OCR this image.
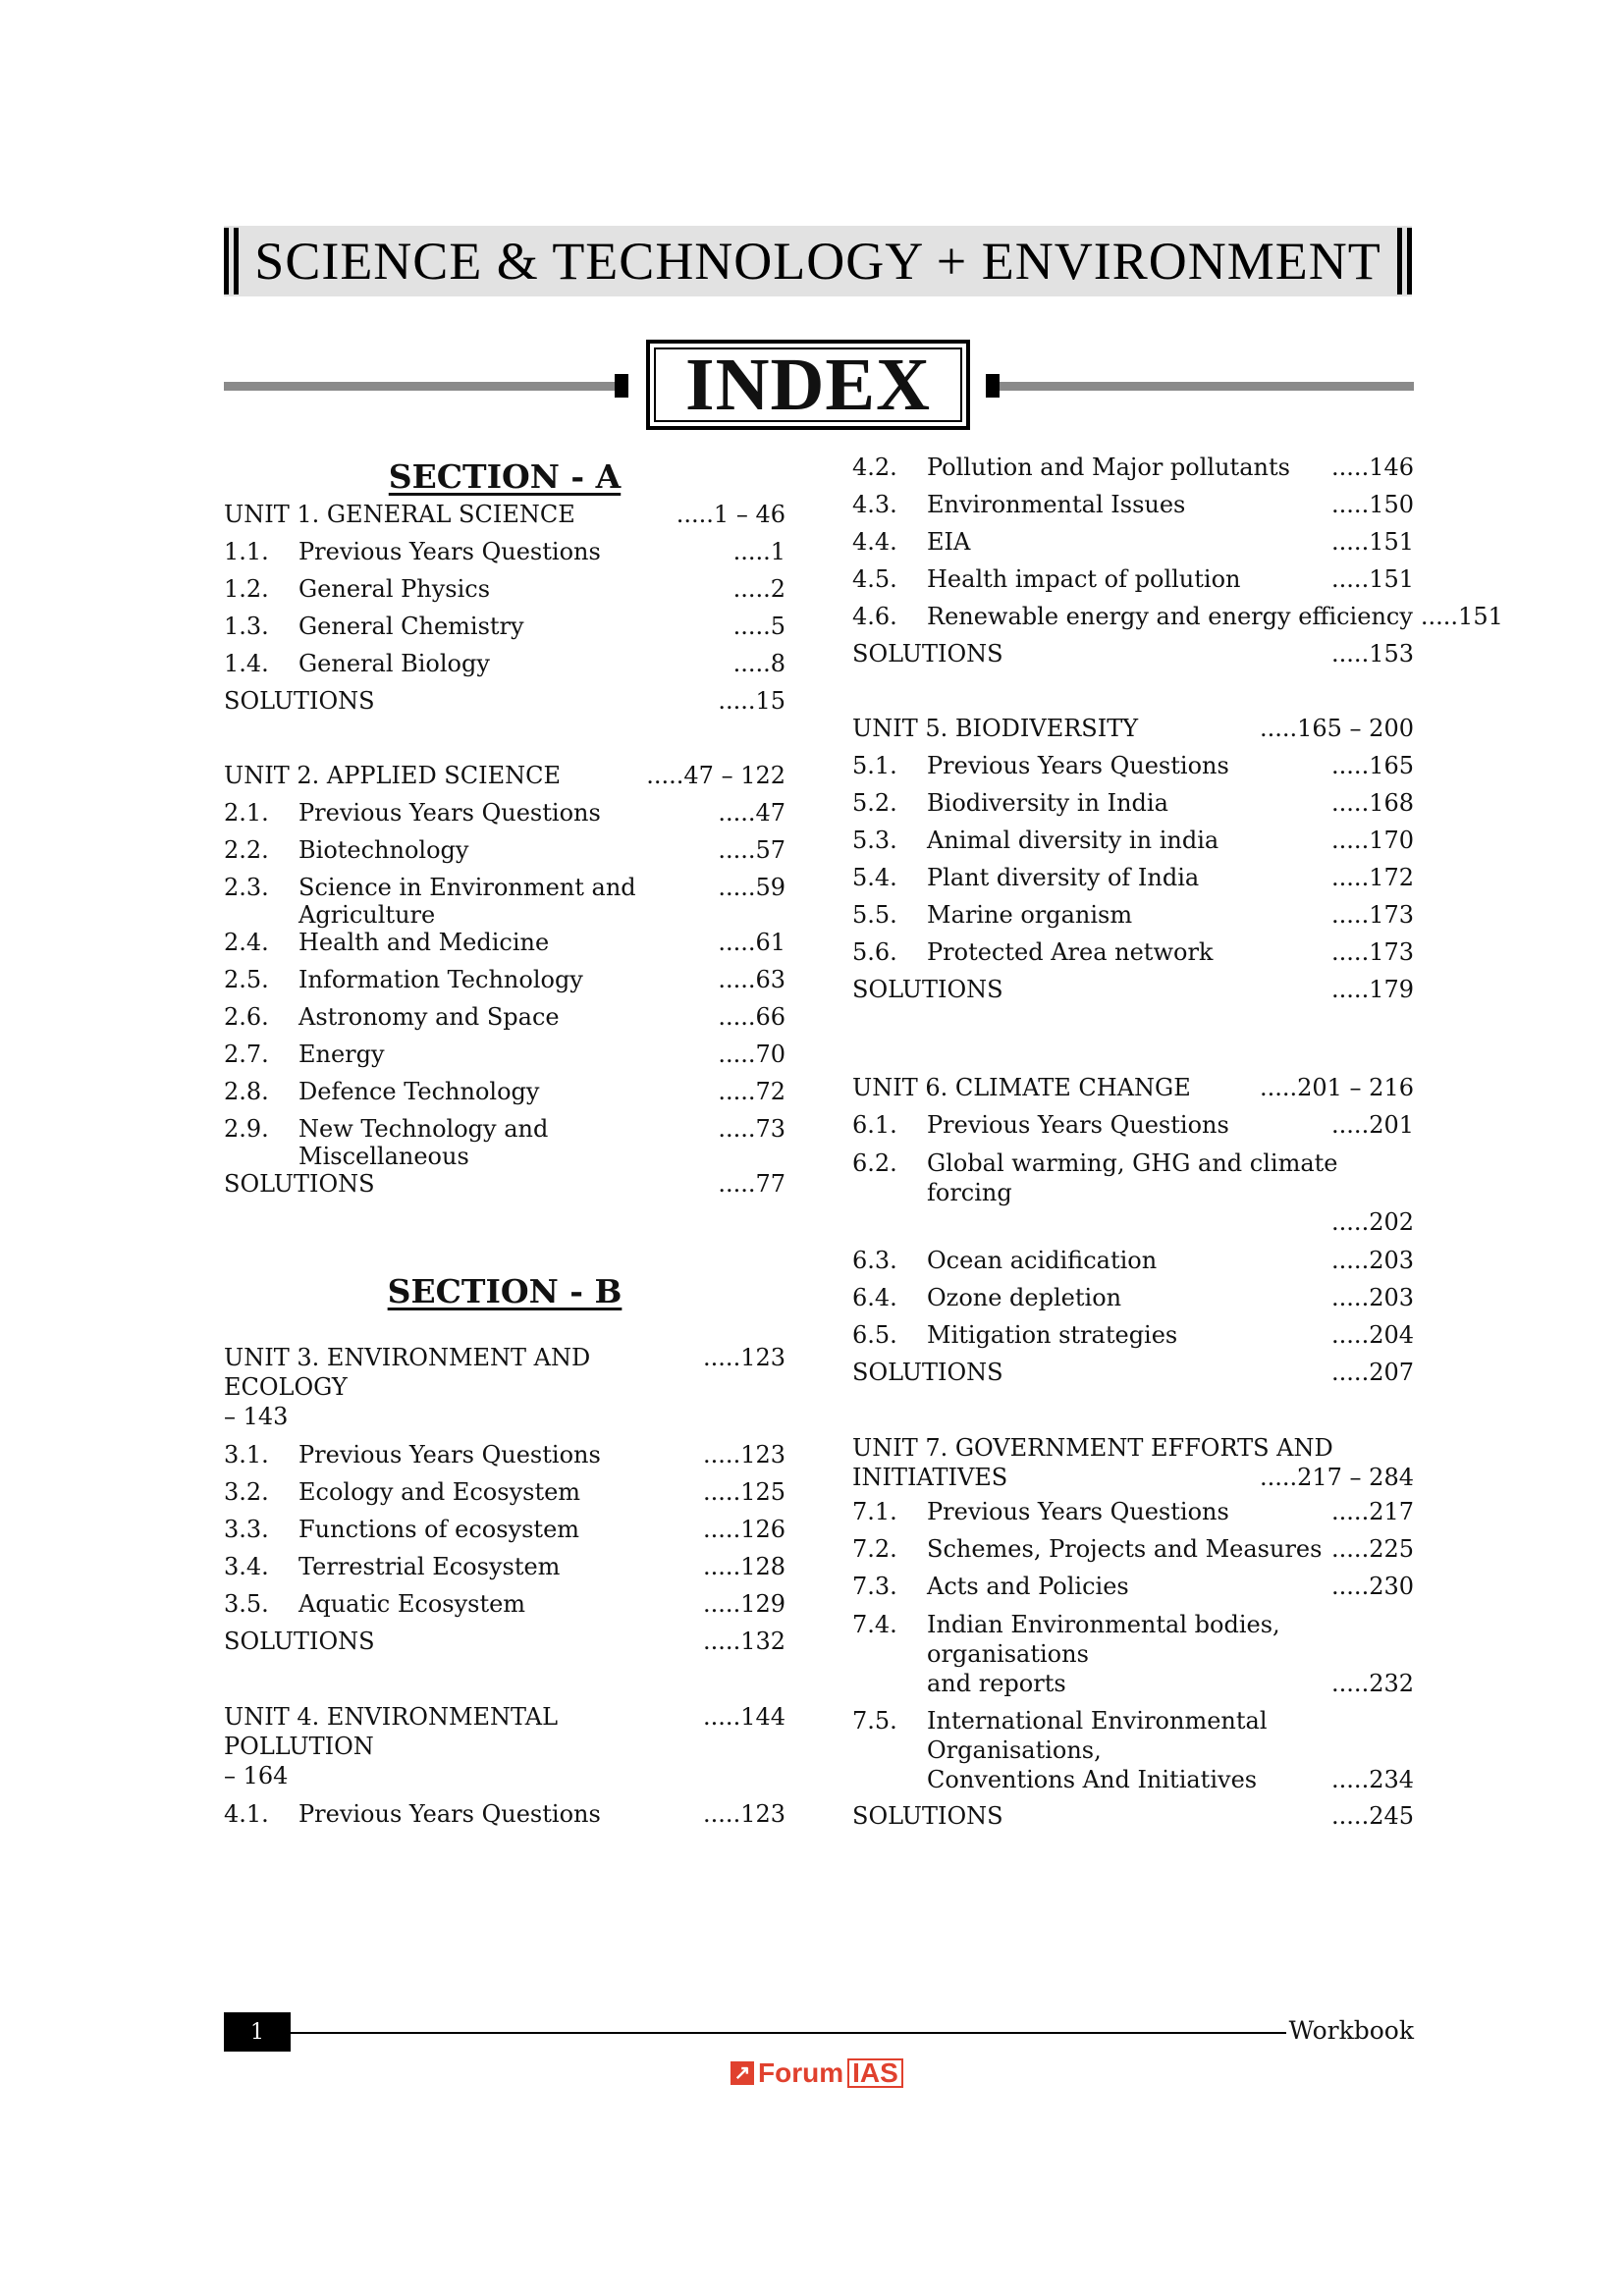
SCIENCE & TECHNOLOGY + ENVIRONMENT
INDEX
SECTION - A
UNIT 1. GENERAL SCIENCE	.....1 – 46
1.1.	Previous Years Questions	.....1
1.2.	General Physics	.....2
1.3.	General Chemistry	.....5
1.4.	General Biology	.....8
SOLUTIONS	.....15
UNIT 2. APPLIED SCIENCE	.....47 – 122
2.1.	Previous Years Questions	.....47
2.2.	Biotechnology	.....57
2.3.	Science in Environment and Agriculture
.....59
2.4.	Health and Medicine	.....61
2.5.	Information Technology	.....63
2.6.	Astronomy and Space	.....66
2.7.	Energy	.....70
2.8.	Defence Technology	.....72
2.9.	New Technology and Miscellaneous
.....73
SOLUTIONS	.....77
SECTION - B
UNIT 3. ENVIRONMENT AND ECOLOGY
.....123
– 143
3.1.	Previous Years Questions	.....123
3.2.	Ecology and Ecosystem	.....125
3.3.	Functions of ecosystem	.....126
3.4.	Terrestrial Ecosystem	.....128
3.5.	Aquatic Ecosystem	.....129
SOLUTIONS	.....132
UNIT 4. ENVIRONMENTAL POLLUTION
.....144
– 164
4.1.	Previous Years Questions	.....123
4.2.	Pollution and Major pollutants	.....146
4.3.	Environmental Issues	.....150
4.4.	EIA	.....151
4.5.	Health impact of pollution	.....151
4.6.	Renewable energy and energy efficiency .....151
SOLUTIONS	.....153
UNIT 5. BIODIVERSITY	.....165 – 200
5.1.	Previous Years Questions	.....165
5.2.	Biodiversity in India	.....168
5.3.	Animal diversity in india	.....170
5.4.	Plant diversity of India	.....172
5.5.	Marine organism	.....173
5.6.	Protected Area network	.....173
SOLUTIONS	.....179
UNIT 6. CLIMATE CHANGE	.....201 – 216
6.1.	Previous Years Questions	.....201
6.2.	Global warming, GHG and climate forcing
.....202
6.3.	Ocean acidification	.....203
6.4.	Ozone depletion	.....203
6.5.	Mitigation strategies	.....204
SOLUTIONS	.....207
UNIT 7. GOVERNMENT EFFORTS AND
INITIATIVES	.....217 – 284
7.1.	Previous Years Questions	.....217
7.2.	Schemes, Projects and Measures .....225
7.3.	Acts and Policies	.....230
7.4.	Indian Environmental bodies, organisations
and reports	.....232
7.5.	International Environmental Organisations,
Conventions And Initiatives	.....234
SOLUTIONS	.....245
1	Workbook
↗ Forum IAS
